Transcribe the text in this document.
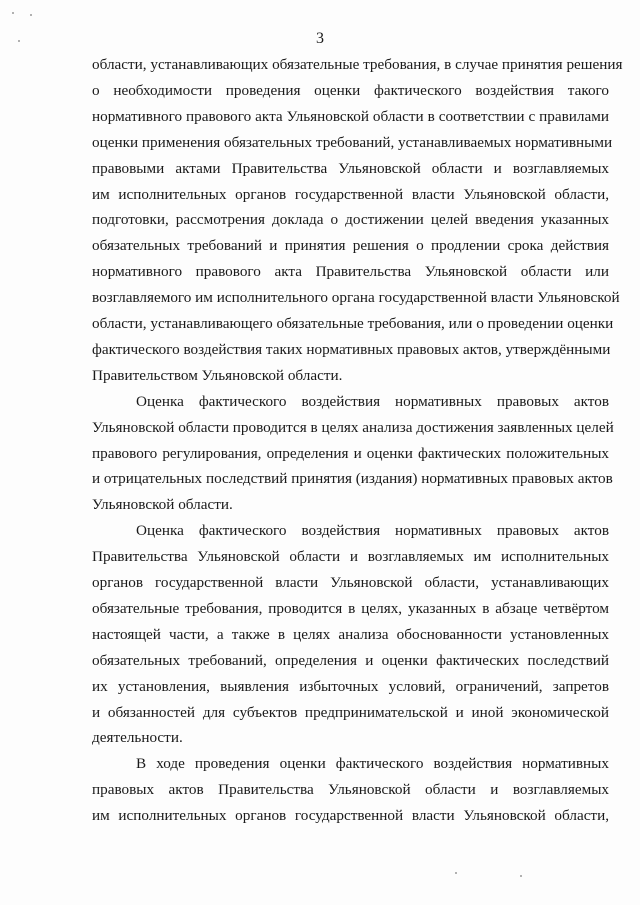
3
области, устанавливающих обязательные требования, в случае принятия решения
о необходимости проведения оценки фактического воздействия такого
нормативного правового акта Ульяновской области в соответствии с правилами
оценки применения обязательных требований, устанавливаемых нормативными
правовыми актами Правительства Ульяновской области и возглавляемых
им исполнительных органов государственной власти Ульяновской области,
подготовки, рассмотрения доклада о достижении целей введения указанных
обязательных требований и принятия решения о продлении срока действия
нормативного правового акта Правительства Ульяновской области или
возглавляемого им исполнительного органа государственной власти Ульяновской
области, устанавливающего обязательные требования, или о проведении оценки
фактического воздействия таких нормативных правовых актов, утверждёнными
Правительством Ульяновской области.
Оценка фактического воздействия нормативных правовых актов
Ульяновской области проводится в целях анализа достижения заявленных целей
правового регулирования, определения и оценки фактических положительных
и отрицательных последствий принятия (издания) нормативных правовых актов
Ульяновской области.
Оценка фактического воздействия нормативных правовых актов
Правительства Ульяновской области и возглавляемых им исполнительных
органов государственной власти Ульяновской области, устанавливающих
обязательные требования, проводится в целях, указанных в абзаце четвёртом
настоящей части, а также в целях анализа обоснованности установленных
обязательных требований, определения и оценки фактических последствий
их установления, выявления избыточных условий, ограничений, запретов
и обязанностей для субъектов предпринимательской и иной экономической
деятельности.
В ходе проведения оценки фактического воздействия нормативных
правовых актов Правительства Ульяновской области и возглавляемых
им исполнительных органов государственной власти Ульяновской области,
